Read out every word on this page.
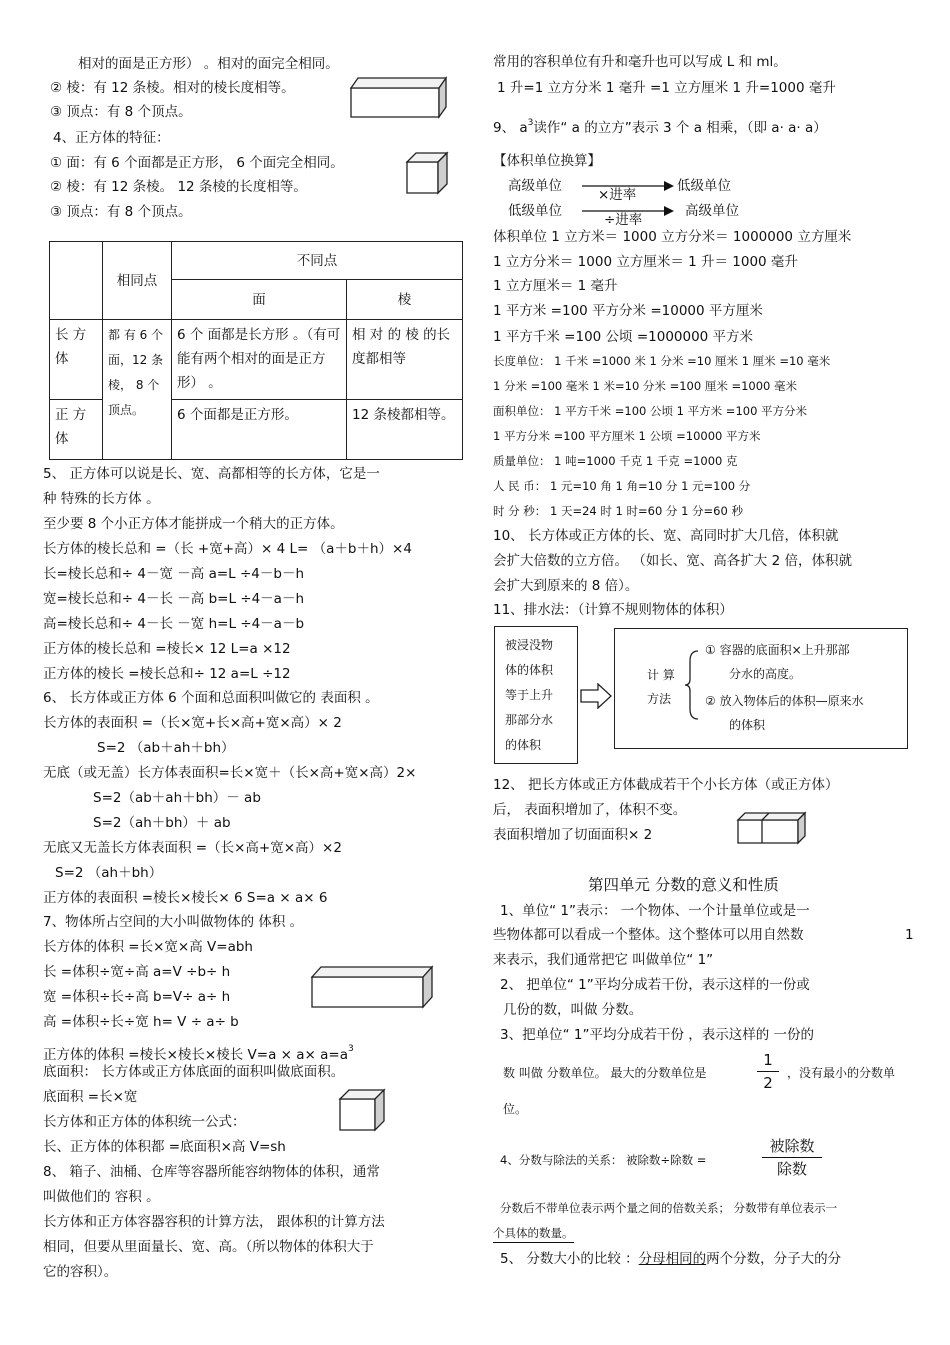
相对的面是正方形） 。相对的面完全相同。
② 棱：有 12 条棱。相对的棱长度相等。
③ 顶点：有 8 个顶点。
4、正方体的特征：
① 面：有 6 个面都是正方形， 6 个面完全相同。
② 棱：有 12 条棱。 12 条棱的长度相等。
③ 顶点：有 8 个顶点。
	相同点	不同点	
		面	棱
长 方 体	都 有 6 个面，12 条棱， 8 个顶点。	6 个 面都是长方形 。（有可能有两个相对的面是正方形） 。	相 对 的 棱 的长度都相等
正 方 体		6 个面都是正方形。	12 条棱都相等。
5、 正方体可以说是长、宽、高都相等的长方体，它是一
种 特殊的长方体 。
至少要 8 个小正方体才能拼成一个稍大的正方体。
长方体的棱长总和 =（长 +宽+高）× 4 L= （a＋b＋h）×4
长=棱长总和÷ 4－宽 －高 a=L ÷4－b－h
宽=棱长总和÷ 4－长 －高 b=L ÷4－a－h
高=棱长总和÷ 4－长 －宽 h=L ÷4－a－b
正方体的棱长总和 =棱长× 12 L=a ×12
正方体的棱长 =棱长总和÷ 12 a=L ÷12
6、 长方体或正方体 6 个面和总面积叫做它的 表面积 。
长方体的表面积 =（长×宽+长×高+宽×高）× 2
S=2 （ab＋ah＋bh）
无底（或无盖）长方体表面积=长×宽＋（长×高+宽×高）2×
S=2（ab＋ah＋bh）－ ab
S=2（ah＋bh）＋ ab
无底又无盖长方体表面积 =（长×高+宽×高）×2
S=2 （ah＋bh）
正方体的表面积 =棱长×棱长× 6 S=a × a× 6
7、物体所占空间的大小叫做物体的 体积 。
长方体的体积 =长×宽×高 V=abh
长 =体积÷宽÷高 a=V ÷b÷ h
宽 =体积÷长÷高 b=V÷ a÷ h
高 =体积÷长÷宽 h= V ÷ a÷ b
正方体的体积 =棱长×棱长×棱长 $V=a \times a\times a=a^3$
底面积： 长方体或正方体底面的面积叫做底面积。
底面积 =长×宽
长方体和正方体的体积统一公式：
长、正方体的体积都 =底面积×高 V=sh
8、 箱子、油桶、仓库等容器所能容纳物体的体积，通常
叫做他们的 容积 。
长方体和正方体容器容积的计算方法， 跟体积的计算方法
相同，但要从里面量长、宽、高。（所以物体的体积大于
它的容积）。
常用的容积单位有升和毫升也可以写成 L 和 ml。
1 升=1 立方分米 1 毫升 =1 立方厘米 1 升=1000 毫升
9、 $a^3$读作“ a 的立方”表示 3 个 a 相乘，（即 a· a· a）
【体积单位换算】
高级单位	低级单位
×进率
低级单位	高级单位
÷进率
体积单位 1 立方米＝ 1000 立方分米＝ 1000000 立方厘米
1 立方分米＝ 1000 立方厘米＝ 1 升＝ 1000 毫升
1 立方厘米＝ 1 毫升
1 平方米 =100 平方分米 =10000 平方厘米
1 平方千米 =100 公顷 =1000000 平方米
长度单位： 1 千米 =1000 米 1 分米 =10 厘米 1 厘米 =10 毫米
1 分米 =100 毫米 1 米=10 分米 =100 厘米 =1000 毫米
面积单位： 1 平方千米 =100 公顷 1 平方米 =100 平方分米
1 平方分米 =100 平方厘米 1 公顷 =10000 平方米
质量单位： 1 吨=1000 千克 1 千克 =1000 克
人 民 币： 1 元=10 角 1 角=10 分 1 元=100 分
时 分 秒： 1 天=24 时 1 时=60 分 1 分=60 秒
10、 长方体或正方体的长、宽、高同时扩大几倍，体积就
会扩大倍数的立方倍。 （如长、宽、高各扩大 2 倍，体积就
会扩大到原来的 8 倍）。
11、排水法：（计算不规则物体的体积）
被浸没物
体的体积
等于上升
那部分水
的体积
计 算
方法
① 容器的底面积×上升那部
分水的高度。
② 放入物体后的体积—原来水
的体积
12、 把长方体或正方体截成若干个小长方体（或正方体）
后， 表面积增加了，体积不变。
表面积增加了切面面积× 2
第四单元 分数的意义和性质
1、单位“ 1”表示： 一个物体、一个计量单位或是一
些物体都可以看成一个整体。这个整体可以用自然数	1
来表示，我们通常把它 叫做单位“ 1”
2、 把单位“ 1”平均分成若干份，表示这样的一份或
几份的数，叫做 分数。
3、把单位“ 1”平均分成若干份 ，表示这样的 一份的
数 叫做 分数单位。 最大的分数单位是
1
2
，没有最小的分数单
位。
4、分数与除法的关系： 被除数÷除数 =
被除数
除数
分数后不带单位表示两个量之间的倍数关系； 分数带有单位表示一
个具体的数量。
5、 分数大小的比较 ：分母相同的两个分数，分子大的分
